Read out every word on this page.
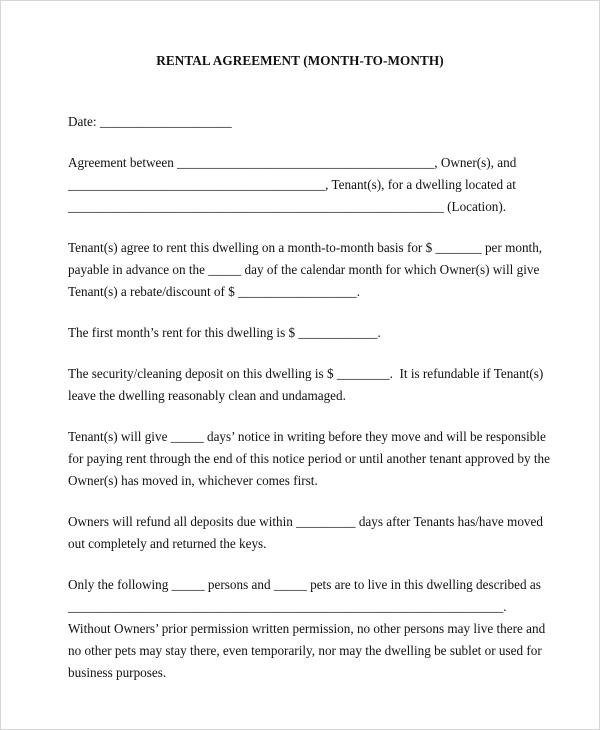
RENTAL AGREEMENT (MONTH-TO-MONTH)
Date: ____________________
Agreement between _______________________________________, Owner(s), and
_______________________________________, Tenant(s), for a dwelling located at
_________________________________________________________ (Location).
Tenant(s) agree to rent this dwelling on a month-to-month basis for $ _______ per month,
payable in advance on the _____ day of the calendar month for which Owner(s) will give
Tenant(s) a rebate/discount of $ __________________.
The first month’s rent for this dwelling is $ ____________.
The security/cleaning deposit on this dwelling is $ ________.  It is refundable if Tenant(s)
leave the dwelling reasonably clean and undamaged.
Tenant(s) will give _____ days’ notice in writing before they move and will be responsible
for paying rent through the end of this notice period or until another tenant approved by the
Owner(s) has moved in, whichever comes first.
Owners will refund all deposits due within _________ days after Tenants has/have moved
out completely and returned the keys.
Only the following _____ persons and _____ pets are to live in this dwelling described as
__________________________________________________________________.
Without Owners’ prior permission written permission, no other persons may live there and
no other pets may stay there, even temporarily, nor may the dwelling be sublet or used for
business purposes.
